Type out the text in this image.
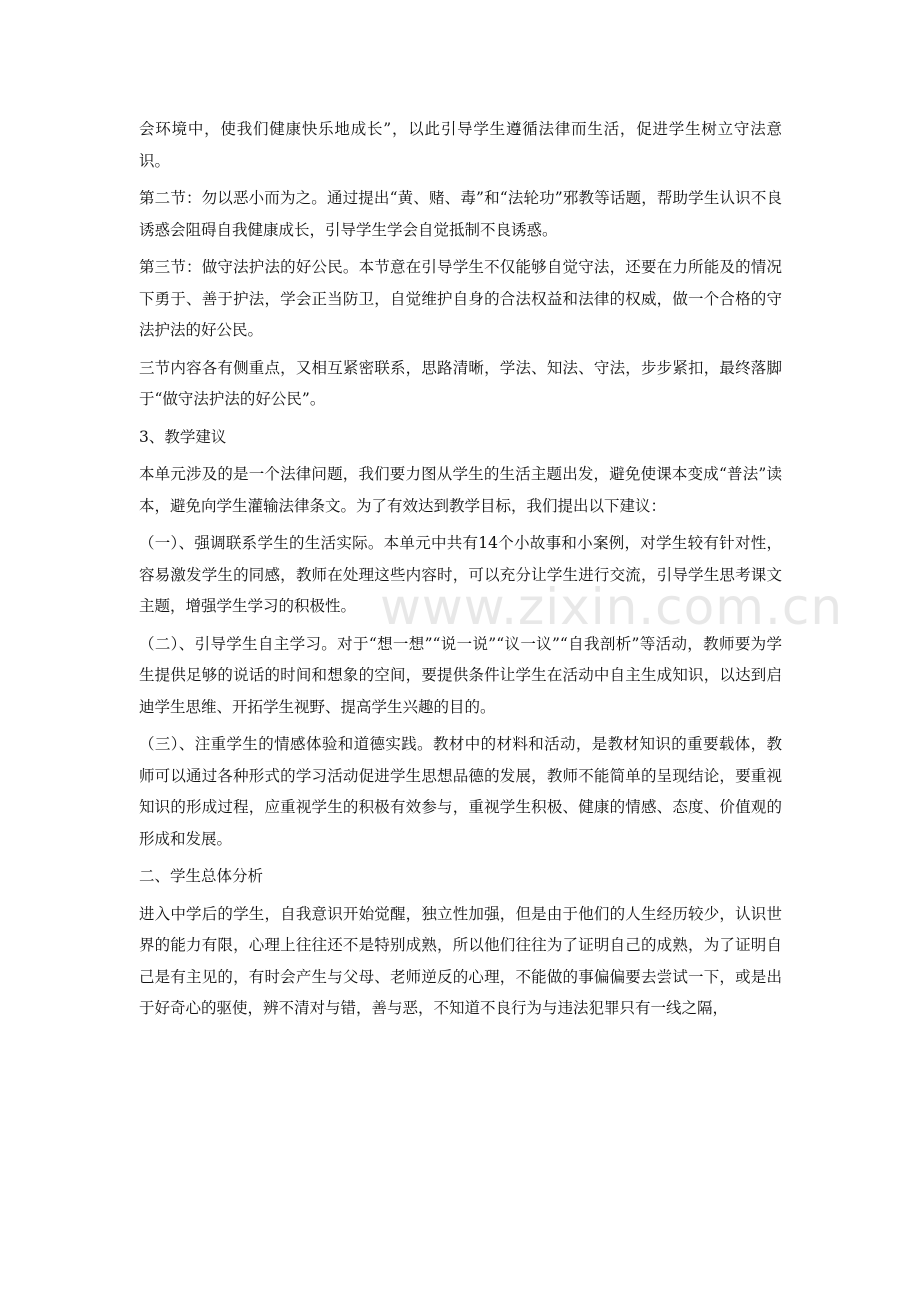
www.zixin.com.cn

会环境中，使我们健康快乐地成长”，以此引导学生遵循法律而生活，促进学生树立守法意识。

第二节：勿以恶小而为之。通过提出“黄、赌、毒”和“法轮功”邪教等话题，帮助学生认识不良诱惑会阻碍自我健康成长，引导学生学会自觉抵制不良诱惑。

第三节：做守法护法的好公民。本节意在引导学生不仅能够自觉守法，还要在力所能及的情况下勇于、善于护法，学会正当防卫，自觉维护自身的合法权益和法律的权威，做一个合格的守法护法的好公民。

三节内容各有侧重点，又相互紧密联系，思路清晰，学法、知法、守法，步步紧扣，最终落脚于“做守法护法的好公民”。

3、教学建议

本单元涉及的是一个法律问题，我们要力图从学生的生活主题出发，避免使课本变成“普法”读本，避免向学生灌输法律条文。为了有效达到教学目标，我们提出以下建议：

（一）、强调联系学生的生活实际。本单元中共有14个小故事和小案例，对学生较有针对性，容易激发学生的同感，教师在处理这些内容时，可以充分让学生进行交流，引导学生思考课文主题，增强学生学习的积极性。

（二）、引导学生自主学习。对于“想一想”“说一说”“议一议”“自我剖析”等活动，教师要为学生提供足够的说话的时间和想象的空间，要提供条件让学生在活动中自主生成知识，以达到启迪学生思维、开拓学生视野、提高学生兴趣的目的。

（三）、注重学生的情感体验和道德实践。教材中的材料和活动，是教材知识的重要载体，教师可以通过各种形式的学习活动促进学生思想品德的发展，教师不能简单的呈现结论，要重视知识的形成过程，应重视学生的积极有效参与，重视学生积极、健康的情感、态度、价值观的形成和发展。

二、学生总体分析

进入中学后的学生，自我意识开始觉醒，独立性加强，但是由于他们的人生经历较少，认识世界的能力有限，心理上往往还不是特别成熟，所以他们往往为了证明自己的成熟，为了证明自己是有主见的，有时会产生与父母、老师逆反的心理，不能做的事偏偏要去尝试一下，或是出于好奇心的驱使，辨不清对与错，善与恶，不知道不良行为与违法犯罪只有一线之隔，
